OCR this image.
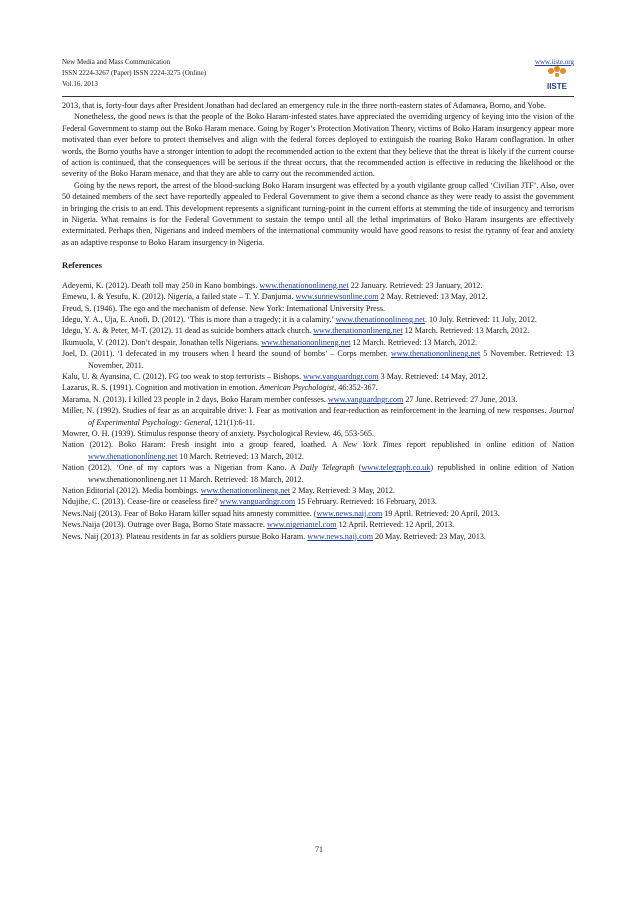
New Media and Mass Communication
ISSN 2224-3267 (Paper) ISSN 2224-3275 (Online)
Vol.16, 2013
www.iiste.org
IISTE

2013, that is, forty-four days after President Jonathan had declared an emergency rule in the three north-eastern states of Adamawa, Borno, and Yobe.

Nonetheless, the good news is that the people of the Boko Haram-infested states have appreciated the overriding urgency of keying into the vision of the Federal Government to stamp out the Boko Haram menace. Going by Roger’s Protection Motivation Theory, victims of Boko Haram insurgency appear more motivated than ever before to protect themselves and align with the federal forces deployed to extinguish the roaring Boko Haram conflagration. In other words, the Borno youths have a stronger intention to adopt the recommended action to the extent that they believe that the threat is likely if the current course of action is continued, that the consequences will be serious if the threat occurs, that the recommended action is effective in reducing the likelihood or the severity of the Boko Haram menace, and that they are able to carry out the recommended action.

Going by the news report, the arrest of the blood-sucking Boko Haram insurgent was effected by a youth vigilante group called ‘Civilian JTF’. Also, over 50 detained members of the sect have reportedly appealed to Federal Government to give them a second chance as they were ready to assist the government in bringing the crisis to an end. This development represents a significant turning-point in the current efforts at stemming the tide of insurgency and terrorism in Nigeria. What remains is for the Federal Government to sustain the tempo until all the lethal imprimaturs of Boko Haram insurgents are effectively exterminated. Perhaps then, Nigerians and indeed members of the international community would have good reasons to resist the tyranny of fear and anxiety as an adaptive response to Boko Haram insurgency in Nigeria.

References

Adeyemi, K. (2012). Death toll may 250 in Kano bombings. www.thenationonlineng.net 22 January. Retrieved: 23 January, 2012.

Emewu, I. & Yesufu, K. (2012). Nigeria, a failed state – T. Y. Danjuma. www.sunnewsonline.com 2 May. Retrieved: 13 May, 2012.

Freud, S. (1946). The ego and the mechanism of defense. New York: International University Press.

Idegu, Y. A., Uja, E. Anofi, D. (2012). ‘This is more than a tragedy; it is a calamity.’ www.thenationonlineng.net. 10 July. Retrieved: 11 July, 2012.

Idegu, Y. A. & Peter, M-T. (2012). 11 dead as suicide bombers attack church. www.thenationonlineng.net 12 March. Retrieved: 13 March, 2012.

Ikumuola, V. (2012). Don’t despair, Jonathan tells Nigerians. www.thenationonlineng.net 12 March. Retrieved: 13 March, 2012.

Joel, D. (2011). ‘I defecated in my trousers when I heard the sound of bombs’ – Corps member. www.thenationonlineng.net 5 November. Retrieved: 13 November, 2011.

Kalu, U. & Ayansina, C. (2012). FG too weak to stop terrorists – Bishops. www.vanguardngr.com 3 May. Retrieved: 14 May, 2012.

Lazarus, R. S. (1991). Cognition and motivation in emotion. American Psychologist, 46:352-367.

Marama, N. (2013). I killed 23 people in 2 days, Boko Haram member confesses. www.vanguardngr.com 27 June. Retrieved: 27 June, 2013.

Miller, N. (1992). Studies of fear as an acquirable drive: I. Fear as motivation and fear-reduction as reinforcement in the learning of new responses. Journal of Experimental Psychology: General, 121(1):6-11.

Mowrer, O. H. (1939). Stimulus response theory of anxiety. Psychological Review, 46, 553-565.

Nation (2012). Boko Haram: Fresh insight into a group feared, loathed. A New York Times report republished in online edition of Nation www.thenationonlineng.net 10 March. Retrieved: 13 March, 2012.

Nation (2012). ‘One of my captors was a Nigerian from Kano. A Daily Telegraph (www.telegraph.co.uk) republished in online edition of Nation www.thenationonlineng.net 11 March. Retrieved: 18 March, 2012.

Nation Editorial (2012). Media bombings. www.thenationonlineng.net 2 May. Retrieved: 3 May, 2012.

Ndujihe, C. (2013). Cease-fire or ceaseless fire? www.vanguardngr.com 15 February. Retrieved: 16 February, 2013.

News.Naij (2013). Fear of Boko Haram killer squad hits amnesty committee. (www.news.naij.com 19 April. Retrieved: 20 April, 2013.

News.Naija (2013). Outrage over Baga, Borno State massacre. www.nigeriantel.com 12 April. Retrieved: 12 April, 2013.

News. Naij (2013). Plateau residents in far as soldiers pursue Boko Haram. www.news.naij.com 20 May. Retrieved: 23 May, 2013.

71
